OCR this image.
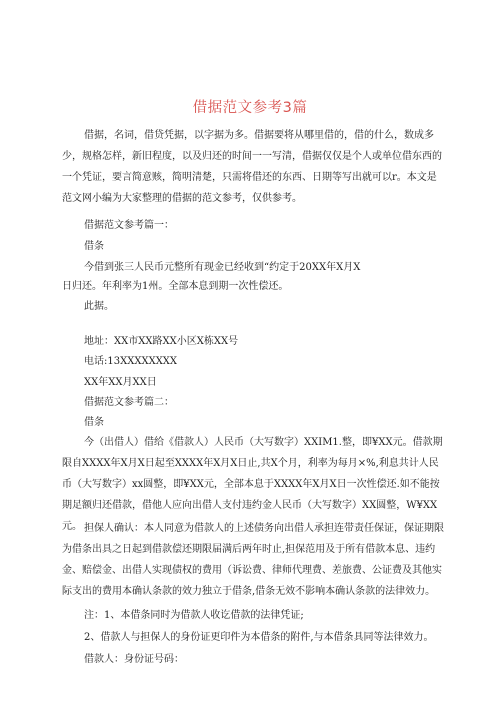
借据范文参考3篇

借据，名词，借贷凭据，以字据为多。借据要将从哪里借的，借的什么，数成多少，规格怎样，新旧程度，以及归还的时间一一写清，借据仅仅是个人或单位借东西的一个凭证，要言简意赅，简明清楚，只需将借还的东西、日期等写出就可以r。本文是范文网小编为大家整理的借据的范文参考，仅供参考。

借据范文参考篇一：

借条

今借到张三人民币元整所有现金已经收到“约定于20XX年X月X

日归还。年利率为1州。全部本息到期一次性偿还。

此据。

地址：XX市XX路XX小区X栋XX号

电话:13XXXXXXXX

XX年XX月XX日

借据范文参考篇二：

借条

今（出借人）借给《借款人）人民币（大写数字）XXIM1.整，即¥XX元。借款期限自XXXX年X月X日起至XXXX年X月X日止,共X个月，利率为每月×%,利息共计人民币（大写数字）xx圆整，即¥XX元，全部本息于XXXX年X月X日一次性偿还.如不能按期足额归还借款，借他人应向出借人支付违约金人民币（大写数字）XX圆整，W¥XX元。 担保人确认：本人同意为借款人的上述债务向出借人承担连带责任保证，保证期限为借条出具之日起到借款偿还期限届满后两年时止,担保范用及于所有借款本息、违约金、赔偿金、出借人实现债权的费用（诉讼费、律师代理费、差旅费、公证费及其他实际支出的费用本确认条款的效力独立于借条,借条无效不影响本确认条款的法律效力。

注：1、本借条同时为借款人收讫借款的法律凭证;

2、借款人与担保人的身份证更印件为本借条的附件,与本借条具同等法律效力。

借款人：身份证号码：
